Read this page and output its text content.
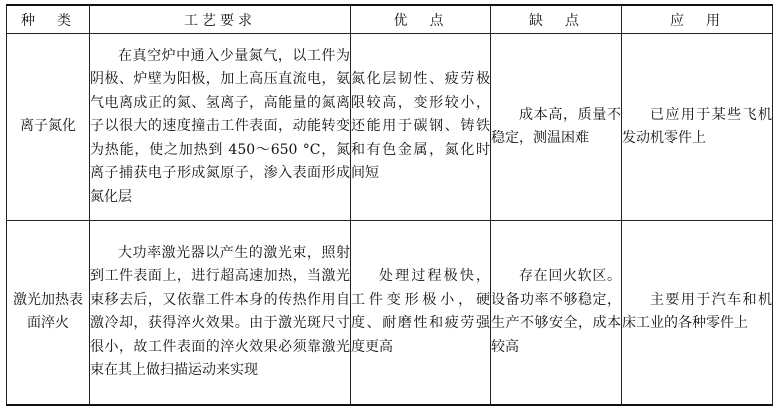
种　类	工艺要求	优　点	缺　点	应　用
离子氮化	在真空炉中通入少量氮气，以工件为阴极、炉壁为阳极，加上高压直流电，氨气电离成正的氮、氢离子，高能量的氮离子以很大的速度撞击工件表面，动能转变为热能，使之加热到 450～650 °C，氮离子捕获电子形成氮原子，渗入表面形成氮化层	氮化层韧性、疲劳极限较高，变形较小，还能用于碳钢、铸铁和有色金属，氮化时间短	成本高，质量不稳定，测温困难	已应用于某些飞机发动机零件上

激光加热表面淬火	大功率激光器以产生的激光束，照射到工件表面上，进行超高速加热，当激光束移去后，又依靠工件本身的传热作用自激冷却，获得淬火效果。由于激光斑尺寸很小，故工件表面的淬火效果必须靠激光束在其上做扫描运动来实现	处理过程极快，工件变形极小，硬度、耐磨性和疲劳强度更高	存在回火软区。设备功率不够稳定，生产不够安全，成本较高	主要用于汽车和机床工业的各种零件上
